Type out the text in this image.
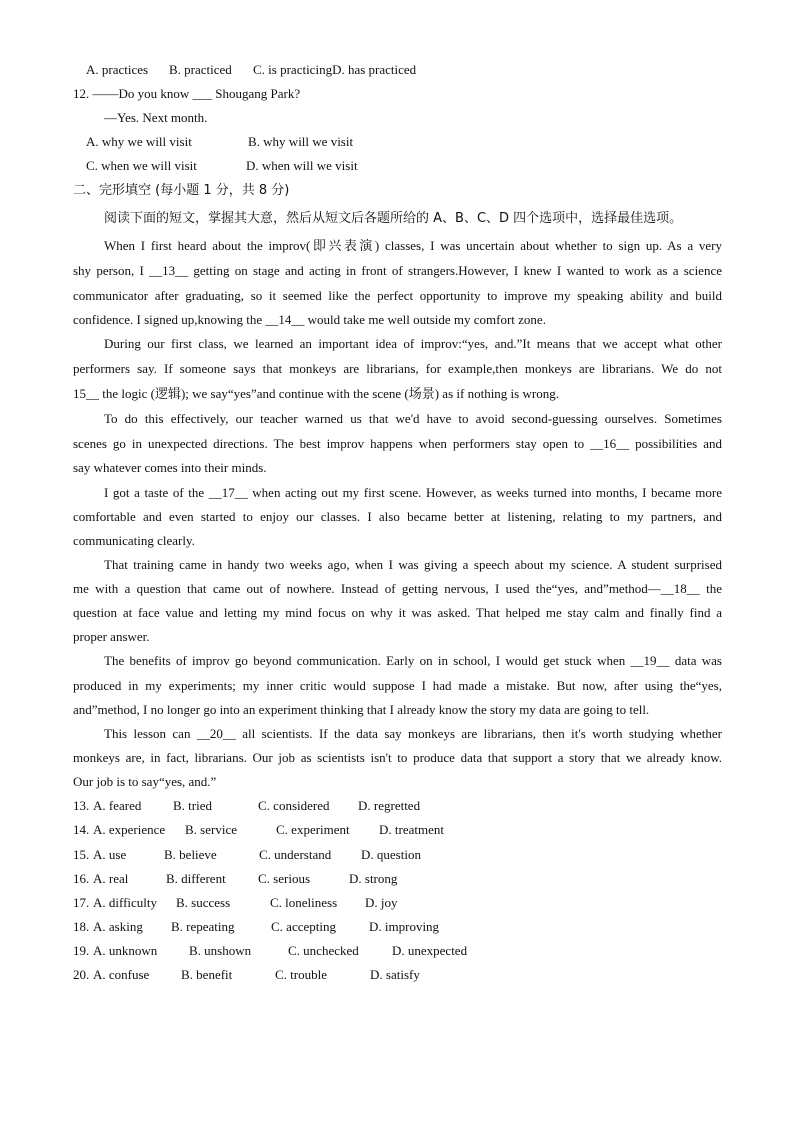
A. practices B. practiced C. is practicingD. has practiced
12. ——Do you know ___ Shougang Park?
—Yes. Next month.
A. why we will visit	B. why will we visit
C. when we will visit	D. when will we visit
二、完形填空 (每小题 1 分，共 8 分)
阅读下面的短文，掌握其大意，然后从短文后各题所给的 A、B、C、D 四个选项中，选择最佳选项。
When I first heard about the improv(即兴表演) classes, I was uncertain about whether to sign up. As a very
shy person, I __13__ getting on stage and acting in front of strangers.However, I knew I wanted to work as a science
communicator after graduating, so it seemed like the perfect opportunity to improve my speaking ability and build
confidence. I signed up,knowing the __14__ would take me well outside my comfort zone.
During our first class, we learned an important idea of improv:“yes, and.”It means that we accept what other
performers say. If someone says that monkeys are librarians, for example,then monkeys are librarians. We do not
15__ the logic (逻辑); we say“yes”and continue with the scene (场景) as if nothing is wrong.
To do this effectively, our teacher warned us that we'd have to avoid second-guessing ourselves. Sometimes
scenes go in unexpected directions. The best improv happens when performers stay open to __16__ possibilities and
say whatever comes into their minds.
I got a taste of the __17__ when acting out my first scene. However, as weeks turned into months, I became more
comfortable and even started to enjoy our classes. I also became better at listening, relating to my partners, and
communicating clearly.
That training came in handy two weeks ago, when I was giving a speech about my science. A student surprised
me with a question that came out of nowhere. Instead of getting nervous, I used the“yes, and”method—__18__ the
question at face value and letting my mind focus on why it was asked. That helped me stay calm and finally find a
proper answer.
The benefits of improv go beyond communication. Early on in school, I would get stuck when __19__ data was
produced in my experiments; my inner critic would suppose I had made a mistake. But now, after using the“yes,
and”method, I no longer go into an experiment thinking that I already know the story my data are going to tell.
This lesson can __20__ all scientists. If the data say monkeys are librarians, then it's worth studying whether
monkeys are, in fact, librarians. Our job as scientists isn't to produce data that support a story that we already know.
Our job is to say“yes, and.”
13. A. feared B. tried	C. considered D. regretted
14. A. experience B. service	C. experiment D. treatment
15. A. use	B. believe	C. understand D. question
16. A. real	B. different C. serious	D. strong
17. A. difficulty B. success	C. loneliness D. joy
18. A. asking B. repeating	C. accepting	D. improving
19. A. unknown B. unshown	C. unchecked	D. unexpected
20. A. confuse B. benefit	C. trouble	D. satisfy
